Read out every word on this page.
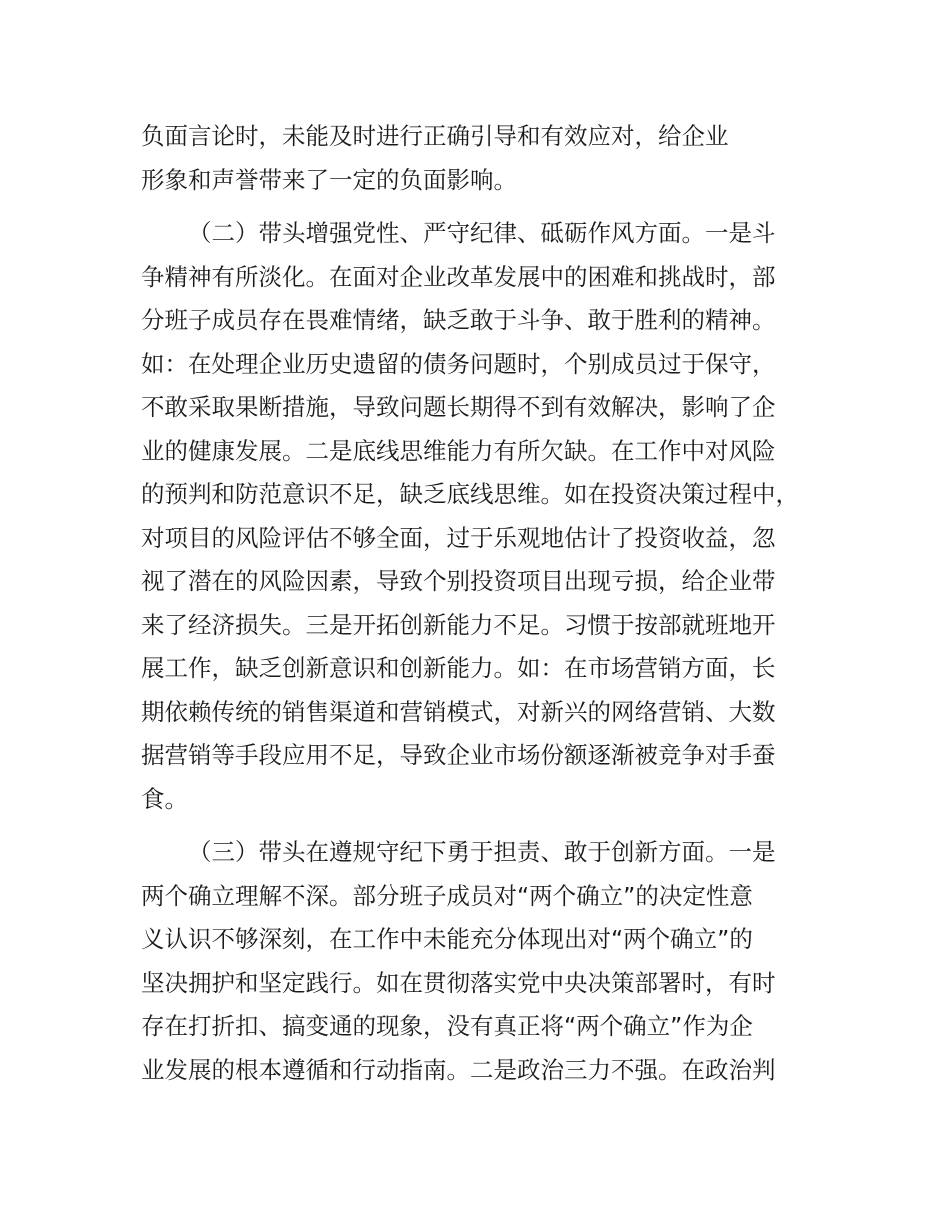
负面言论时，未能及时进行正确引导和有效应对，给企业
形象和声誉带来了一定的负面影响。
（二）带头增强党性、严守纪律、砥砺作风方面。一是斗
争精神有所淡化。在面对企业改革发展中的困难和挑战时，部
分班子成员存在畏难情绪，缺乏敢于斗争、敢于胜利的精神。
如：在处理企业历史遗留的债务问题时，个别成员过于保守，
不敢采取果断措施，导致问题长期得不到有效解决，影响了企
业的健康发展。二是底线思维能力有所欠缺。在工作中对风险
的预判和防范意识不足，缺乏底线思维。如在投资决策过程中，
对项目的风险评估不够全面，过于乐观地估计了投资收益，忽
视了潜在的风险因素，导致个别投资项目出现亏损，给企业带
来了经济损失。三是开拓创新能力不足。习惯于按部就班地开
展工作，缺乏创新意识和创新能力。如：在市场营销方面，长
期依赖传统的销售渠道和营销模式，对新兴的网络营销、大数
据营销等手段应用不足，导致企业市场份额逐渐被竞争对手蚕
食。
（三）带头在遵规守纪下勇于担责、敢于创新方面。一是
两个确立理解不深。部分班子成员对“两个确立”的决定性意
义认识不够深刻，在工作中未能充分体现出对“两个确立”的
坚决拥护和坚定践行。如在贯彻落实党中央决策部署时，有时
存在打折扣、搞变通的现象，没有真正将“两个确立”作为企
业发展的根本遵循和行动指南。二是政治三力不强。在政治判
